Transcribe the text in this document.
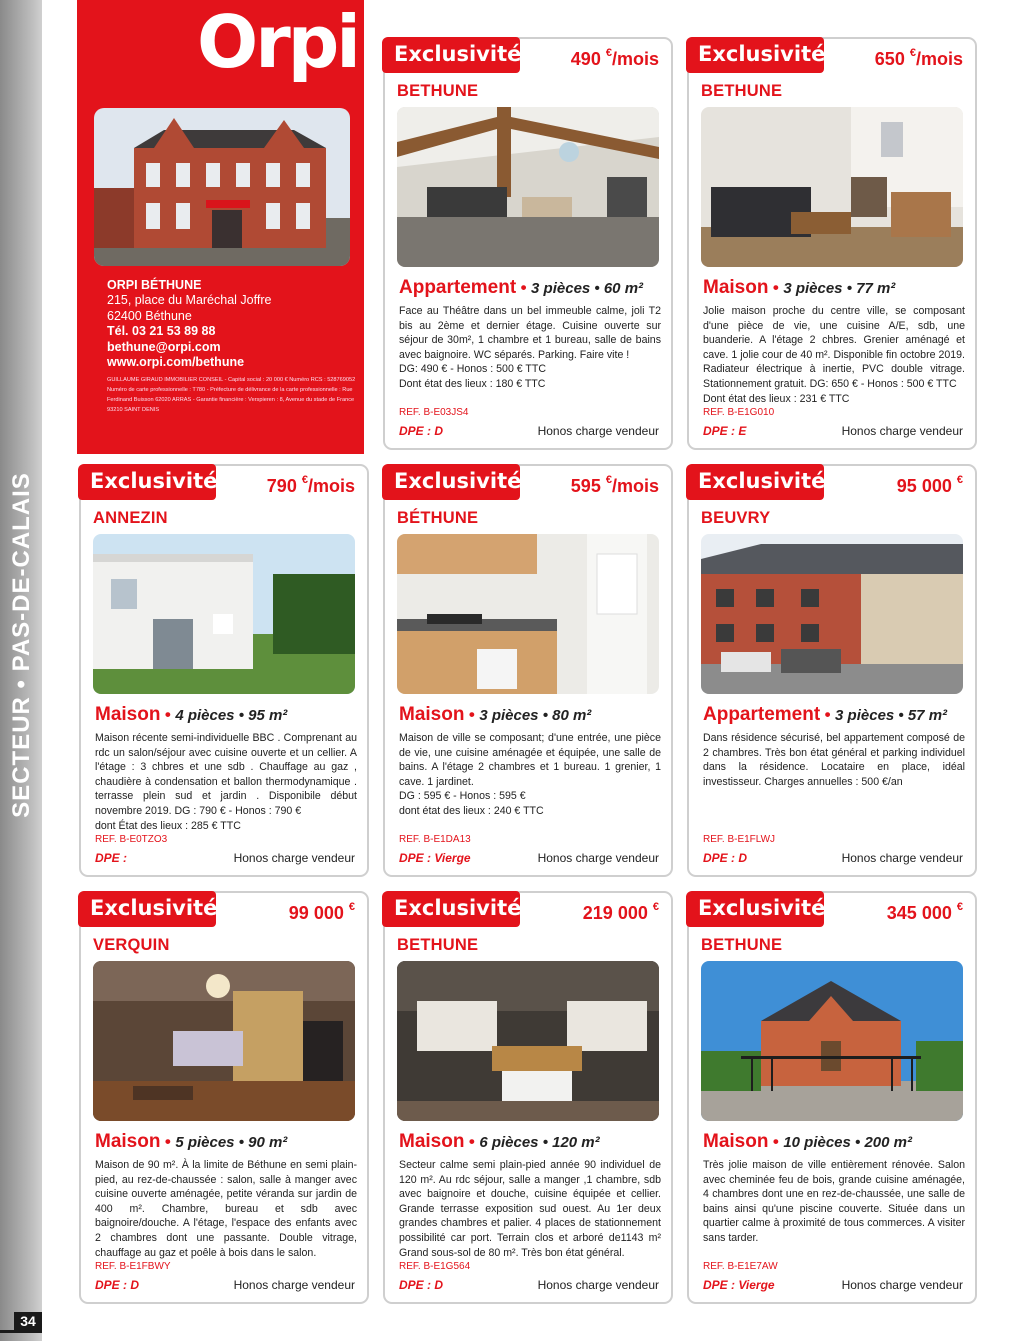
SECTEUR • PAS-DE-CALAIS
34
Orpi
ORPI BÉTHUNE
215, place du Maréchal Joffre
62400 Béthune
Tél. 03 21 53 89 88
bethune@orpi.com
www.orpi.com/bethune
GUILLAUME GIRAUD IMMOBILIER CONSEIL - Capital social : 20 000 € Numéro RCS : 528769052 Numéro de carte professionnelle : T780 - Préfecture de délivrance de la carte professionnelle : Rue Ferdinand Buisson 62020 ARRAS - Garantie financière : Verspieren : 8, Avenue du stade de France 93210 SAINT DENIS
Exclusivité	490 €/mois
BETHUNE
Appartement • 3 pièces • 60 m²
Face au Théâtre dans un bel immeuble calme, joli T2 bis au 2ème et dernier étage. Cuisine ouverte sur séjour de 30m², 1 chambre et 1 bureau, salle de bains avec baignoire. WC séparés. Parking. Faire vite !
DG: 490 € - Honos : 500 € TTC
Dont état des lieux : 180 € TTC
REF. B-E03JS4
DPE : D	Honos charge vendeur
Exclusivité	650 €/mois
BETHUNE
Maison • 3 pièces • 77 m²
Jolie maison proche du centre ville, se composant d'une pièce de vie, une cuisine A/E, sdb, une buanderie. A l'étage 2 chbres. Grenier aménagé et cave. 1 jolie cour de 40 m². Disponible fin octobre 2019. Radiateur électrique à inertie, PVC double vitrage. Stationnement gratuit. DG: 650 € - Honos : 500 € TTC
Dont état des lieux : 231 € TTC
REF. B-E1G010
DPE : E	Honos charge vendeur
Exclusivité	790 €/mois
ANNEZIN
Maison • 4 pièces • 95 m²
Maison récente semi-individuelle BBC . Comprenant au rdc un salon/séjour avec cuisine ouverte et un cellier. A l'étage : 3 chbres et une sdb . Chauffage au gaz , chaudière à condensation et ballon thermodynamique . terrasse plein sud et jardin . Disponibile début novembre 2019. DG : 790 € - Honos : 790 €
dont État des lieux : 285 € TTC
REF. B-E0TZO3
DPE :	Honos charge vendeur
Exclusivité	595 €/mois
BÉTHUNE
Maison • 3 pièces • 80 m²
Maison de ville se composant; d'une entrée, une pièce de vie, une cuisine aménagée et équipée, une salle de bains. A l'étage 2 chambres et 1 bureau. 1 grenier, 1 cave. 1 jardinet.
DG : 595 € - Honos : 595 €
dont état des lieux : 240 € TTC
REF. B-E1DA13
DPE : Vierge	Honos charge vendeur
Exclusivité	95 000 €
BEUVRY
Appartement • 3 pièces • 57 m²
Dans résidence sécurisé, bel appartement composé de 2 chambres. Très bon état général et parking individuel dans la résidence. Locataire en place, idéal investisseur. Charges annuelles : 500 €/an
REF. B-E1FLWJ
DPE : D	Honos charge vendeur
Exclusivité	99 000 €
VERQUIN
Maison • 5 pièces • 90 m²
Maison de 90 m². À la limite de Béthune en semi plain-pied, au rez-de-chaussée : salon, salle à manger avec cuisine ouverte aménagée, petite véranda sur jardin de 400 m². Chambre, bureau et sdb avec baignoire/douche. A l'étage, l'espace des enfants avec 2 chambres dont une passante. Double vitrage, chauffage au gaz et poêle à bois dans le salon.
REF. B-E1FBWY
DPE : D	Honos charge vendeur
Exclusivité	219 000 €
BETHUNE
Maison • 6 pièces • 120 m²
Secteur calme semi plain-pied année 90 individuel de 120 m². Au rdc séjour, salle a manger ,1 chambre, sdb avec baignoire et douche, cuisine équipée et cellier. Grande terrasse exposition sud ouest. Au 1er deux grandes chambres et palier. 4 places de stationnement possibilité car port. Terrain clos et arboré de1143 m² Grand sous-sol de 80 m². Très bon état général.
REF. B-E1G564
DPE : D	Honos charge vendeur
Exclusivité	345 000 €
BETHUNE
Maison • 10 pièces • 200 m²
Très jolie maison de ville entièrement rénovée. Salon avec cheminée feu de bois, grande cuisine aménagée, 4 chambres dont une en rez-de-chaussée, une salle de bains ainsi qu'une piscine couverte. Située dans un quartier calme à proximité de tous commerces. A visiter sans tarder.
REF. B-E1E7AW
DPE : Vierge	Honos charge vendeur
